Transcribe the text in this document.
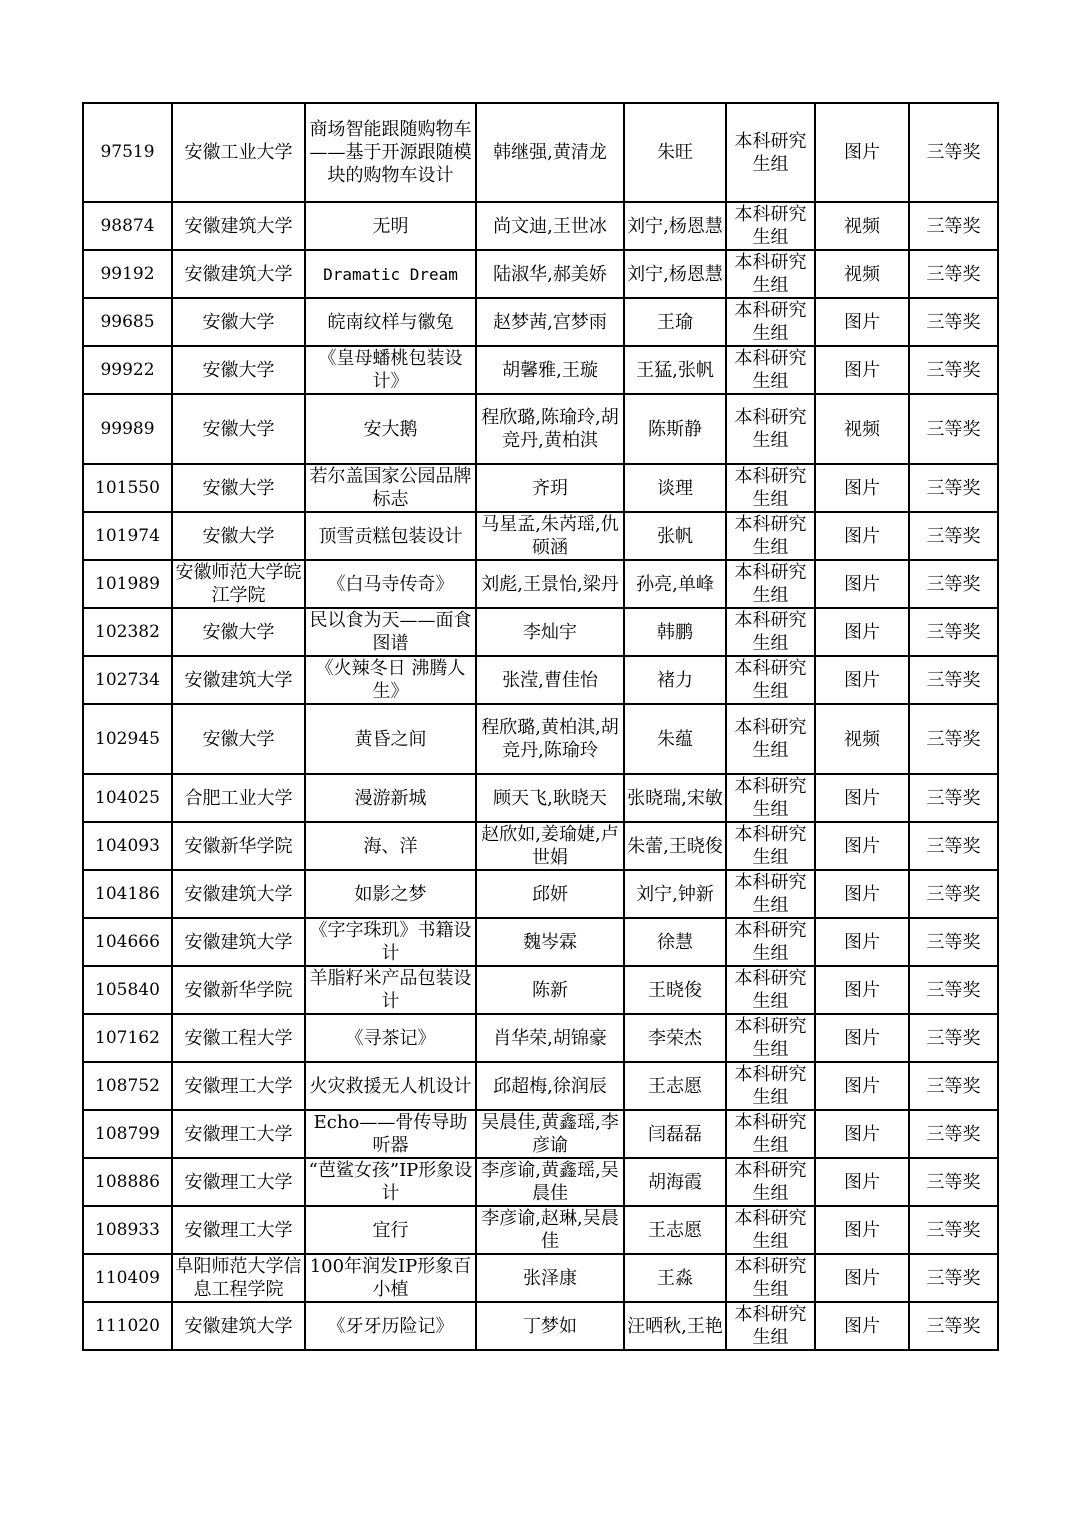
97519	安徽工业大学	商场智能跟随购物车——基于开源跟随模块的购物车设计	韩继强,黄清龙	朱旺	本科研究生组	图片	三等奖
98874	安徽建筑大学	无明	尚文迪,王世冰	刘宁,杨恩慧	本科研究生组	视频	三等奖
99192	安徽建筑大学	Dramatic Dream	陆淑华,郝美娇	刘宁,杨恩慧	本科研究生组	视频	三等奖
99685	安徽大学	皖南纹样与徽兔	赵梦茜,宫梦雨	王瑜	本科研究生组	图片	三等奖
99922	安徽大学	《皇母蟠桃包装设计》	胡馨雅,王璇	王猛,张帆	本科研究生组	图片	三等奖
99989	安徽大学	安大鹅	程欣璐,陈瑜玲,胡竞丹,黄柏淇	陈斯静	本科研究生组	视频	三等奖
101550	安徽大学	若尔盖国家公园品牌标志	齐玥	谈理	本科研究生组	图片	三等奖
101974	安徽大学	顶雪贡糕包装设计	马星孟,朱芮瑶,仇硕涵	张帆	本科研究生组	图片	三等奖
101989	安徽师范大学皖江学院	《白马寺传奇》	刘彪,王景怡,梁丹	孙亮,单峰	本科研究生组	图片	三等奖
102382	安徽大学	民以食为天——面食图谱	李灿宇	韩鹏	本科研究生组	图片	三等奖
102734	安徽建筑大学	《火辣冬日 沸腾人生》	张滢,曹佳怡	褚力	本科研究生组	图片	三等奖
102945	安徽大学	黄昏之间	程欣璐,黄柏淇,胡竞丹,陈瑜玲	朱蕴	本科研究生组	视频	三等奖
104025	合肥工业大学	漫游新城	顾天飞,耿晓天	张晓瑞,宋敏	本科研究生组	图片	三等奖
104093	安徽新华学院	海、洋	赵欣如,姜瑜婕,卢世娟	朱蕾,王晓俊	本科研究生组	图片	三等奖
104186	安徽建筑大学	如影之梦	邱妍	刘宁,钟新	本科研究生组	图片	三等奖
104666	安徽建筑大学	《字字珠玑》书籍设计	魏岑霖	徐慧	本科研究生组	图片	三等奖
105840	安徽新华学院	羊脂籽米产品包装设计	陈新	王晓俊	本科研究生组	图片	三等奖
107162	安徽工程大学	《寻茶记》	肖华荣,胡锦豪	李荣杰	本科研究生组	图片	三等奖
108752	安徽理工大学	火灾救援无人机设计	邱超梅,徐润辰	王志愿	本科研究生组	图片	三等奖
108799	安徽理工大学	Echo——骨传导助听器	吴晨佳,黄鑫瑶,李彦谕	闫磊磊	本科研究生组	图片	三等奖
108886	安徽理工大学	“芭鲨女孩”IP形象设计	李彦谕,黄鑫瑶,吴晨佳	胡海霞	本科研究生组	图片	三等奖
108933	安徽理工大学	宜行	李彦谕,赵琳,吴晨佳	王志愿	本科研究生组	图片	三等奖
110409	阜阳师范大学信息工程学院	100年润发IP形象百小植	张泽康	王淼	本科研究生组	图片	三等奖
111020	安徽建筑大学	《牙牙历险记》	丁梦如	汪哂秋,王艳	本科研究生组	图片	三等奖
